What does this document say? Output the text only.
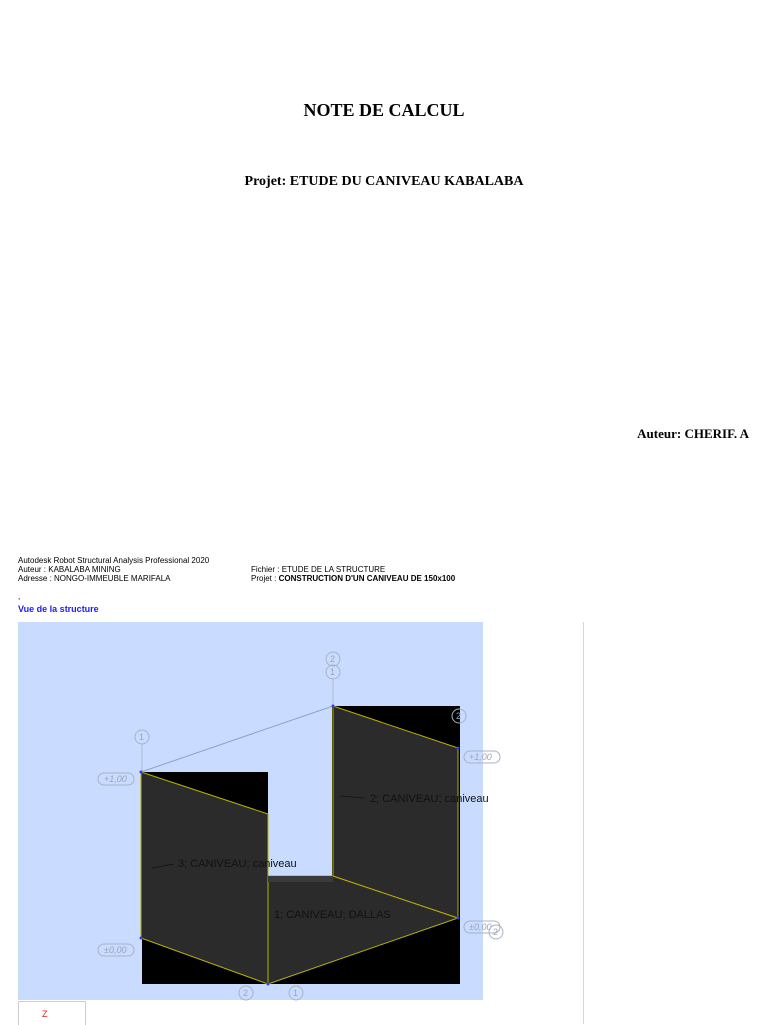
NOTE DE CALCUL
Projet: ETUDE DU CANIVEAU KABALABA
Auteur: CHERIF. A
Autodesk Robot Structural Analysis Professional 2020
Auteur : KABALABA MINING
Adresse : NONGO-IMMEUBLE MARIFALA
Fichier : ETUDE DE LA STRUCTURE
Projet : CONSTRUCTION D'UN CANIVEAU DE 150x100
,
Vue de la structure
2; CANIVEAU; caniveau
3; CANIVEAU; caniveau
1; CANIVEAU; DALLAS
+1,00
+1,00
±0,00
±0,00
2
1
1
2
2
1
2
Z
